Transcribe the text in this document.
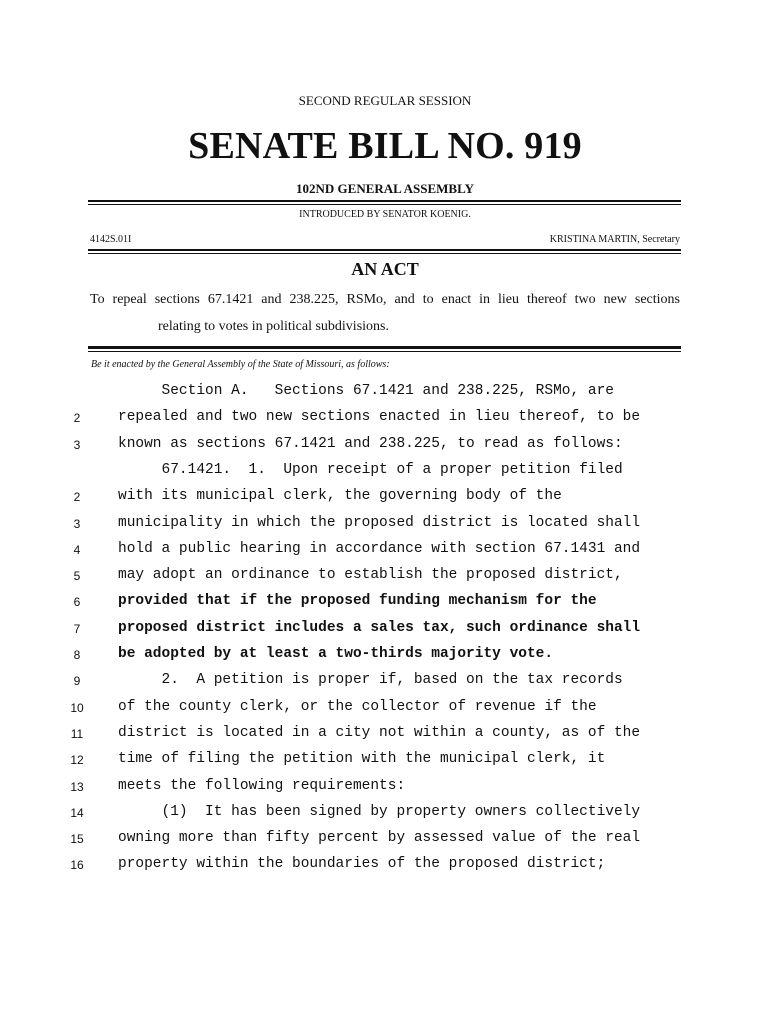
SECOND REGULAR SESSION
SENATE BILL NO. 919
102ND GENERAL ASSEMBLY
INTRODUCED BY SENATOR KOENIG.
4142S.01I	KRISTINA MARTIN, Secretary
AN ACT
To repeal sections 67.1421 and 238.225, RSMo, and to enact in lieu thereof two new sections
relating to votes in political subdivisions.
Be it enacted by the General Assembly of the State of Missouri, as follows:
Section A.   Sections 67.1421 and 238.225, RSMo, are
2	repealed and two new sections enacted in lieu thereof, to be
3	known as sections 67.1421 and 238.225, to read as follows:
67.1421.  1.  Upon receipt of a proper petition filed
2	with its municipal clerk, the governing body of the
3	municipality in which the proposed district is located shall
4	hold a public hearing in accordance with section 67.1431 and
5	may adopt an ordinance to establish the proposed district,
6	provided that if the proposed funding mechanism for the
7	proposed district includes a sales tax, such ordinance shall
8	be adopted by at least a two-thirds majority vote.
9	2.  A petition is proper if, based on the tax records
10	of the county clerk, or the collector of revenue if the
11	district is located in a city not within a county, as of the
12	time of filing the petition with the municipal clerk, it
13	meets the following requirements:
14	(1)  It has been signed by property owners collectively
15	owning more than fifty percent by assessed value of the real
16	property within the boundaries of the proposed district;
